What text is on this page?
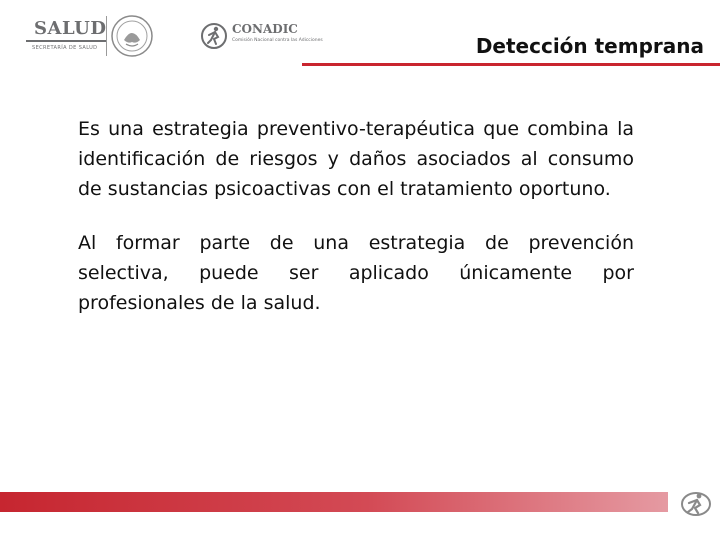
SALUD
SECRETARÍA DE SALUD
CONADIC
Comisión Nacional contra las Adicciones	Detección temprana

Es una estrategia preventivo-terapéutica que combina la identificación de riesgos y daños asociados al consumo de sustancias psicoactivas con el tratamiento oportuno.

Al formar parte de una estrategia de prevención selectiva, puede ser aplicado únicamente por profesionales de la salud.
